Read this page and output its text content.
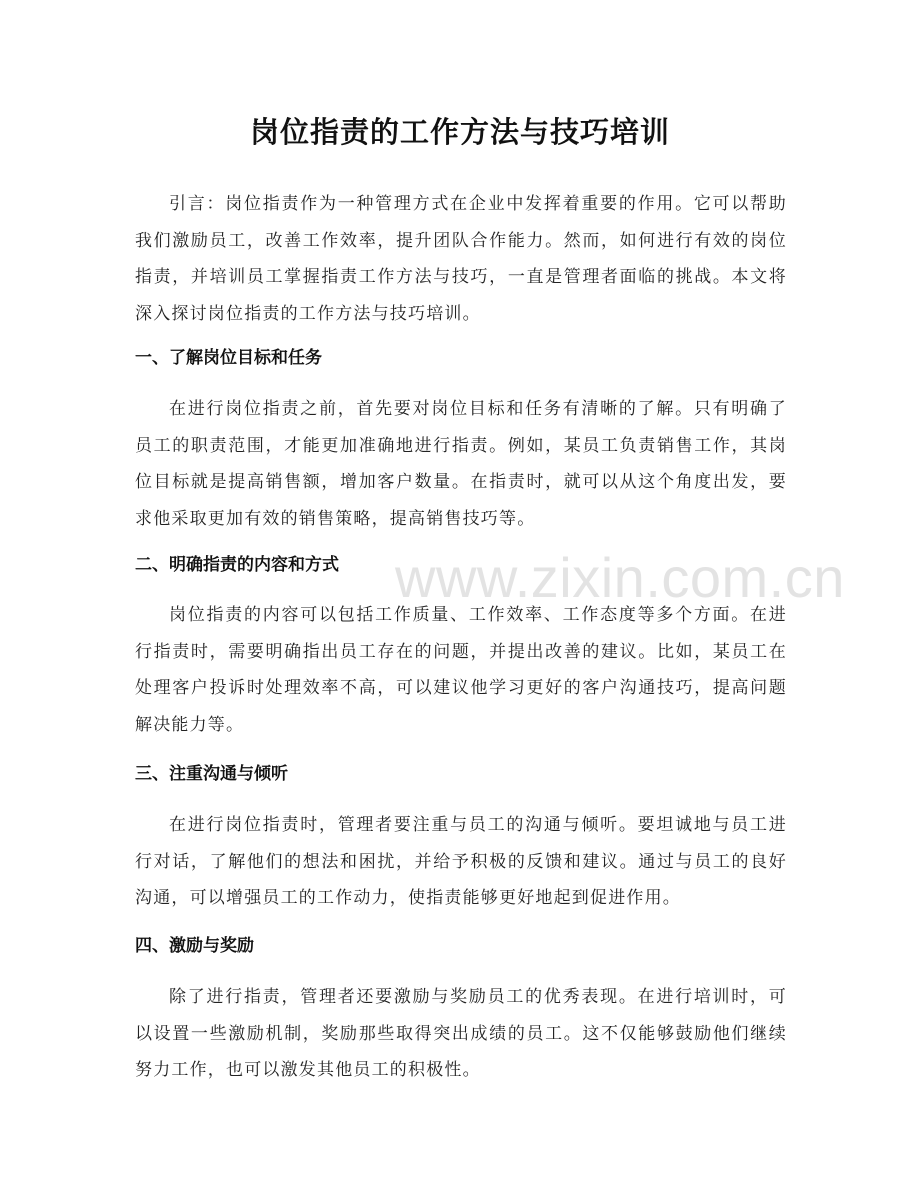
www.zixin.com.cn
岗位指责的工作方法与技巧培训

引言：岗位指责作为一种管理方式在企业中发挥着重要的作用。它可以帮助我们激励员工，改善工作效率，提升团队合作能力。然而，如何进行有效的岗位指责，并培训员工掌握指责工作方法与技巧，一直是管理者面临的挑战。本文将深入探讨岗位指责的工作方法与技巧培训。

一、了解岗位目标和任务

在进行岗位指责之前，首先要对岗位目标和任务有清晰的了解。只有明确了员工的职责范围，才能更加准确地进行指责。例如，某员工负责销售工作，其岗位目标就是提高销售额，增加客户数量。在指责时，就可以从这个角度出发，要求他采取更加有效的销售策略，提高销售技巧等。

二、明确指责的内容和方式

岗位指责的内容可以包括工作质量、工作效率、工作态度等多个方面。在进行指责时，需要明确指出员工存在的问题，并提出改善的建议。比如，某员工在处理客户投诉时处理效率不高，可以建议他学习更好的客户沟通技巧，提高问题解决能力等。

三、注重沟通与倾听

在进行岗位指责时，管理者要注重与员工的沟通与倾听。要坦诚地与员工进行对话，了解他们的想法和困扰，并给予积极的反馈和建议。通过与员工的良好沟通，可以增强员工的工作动力，使指责能够更好地起到促进作用。

四、激励与奖励

除了进行指责，管理者还要激励与奖励员工的优秀表现。在进行培训时，可以设置一些激励机制，奖励那些取得突出成绩的员工。这不仅能够鼓励他们继续努力工作，也可以激发其他员工的积极性。
